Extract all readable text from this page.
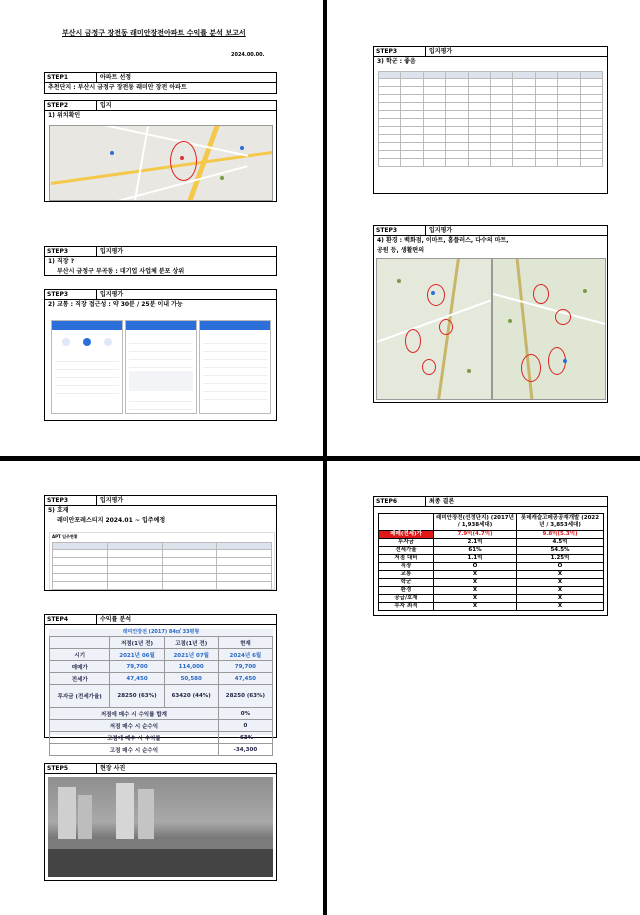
부산시 금정구 장전동 래미안장전아파트 수익률 분석 보고서
2024.00.00.
STEP1	아파트 선정
추천단지 : 부산시 금정구 장전동 래미안 장전 아파트
STEP2	입지
1) 위치확인
STEP3	입지평가
1) 직장 ?
부산시 금정구 부곡동 : 대기업 사업체 분포 상위
STEP3	입지평가
2) 교통 : 직장 접근성 : 약 30분 / 25분 이내 가능
STEP3	입지평가
3) 학군 : 좋음

STEP3	입지평가
4) 환경 : 백화점, 이마트, 홈플러스, 다수의 마트,
공원 등, 생활편의
STEP3	입지평가
5) 호재
래미안포레스티지 2024.01 ~ 입주예정
APT 입주현황

STEP4	수익률 분석
래미안장전 (2017) 84㎡ 33평형
	저점(1년 전)	고점(1년 전)	현재
시기	2021년 06월	2021년 07월	2024년 6월
매매가	79,700	114,000	79,700
전세가	47,450	50,580	47,450
투자금 (전세가율)	28250 (63%)	63420 (44%)	28250 (63%)
저점에 매수 시 수익률 합계			0%
저점 매수 시 순수익			0
고점에 매수 시 수익률			-63%
고점 매수 시 순수익			-34,300
STEP5	현장 사진
STEP6	최종 결론
	래미안장전(선정단지) (2017년 / 1,938세대)	롯데캐슬고메공공재개발 (2022년 / 3,853세대)
매매(전세)가	7.9억(4.7억)	9.8억(5.3억)
투자금	2.1억	4.5억
전세가율	61%	54.5%
저점 대비	1.1억	1.25억
직장	O	O
교통	X	X
학군	X	X
환경	X	X
공급/호재	X	X
투자 최적	X	X
